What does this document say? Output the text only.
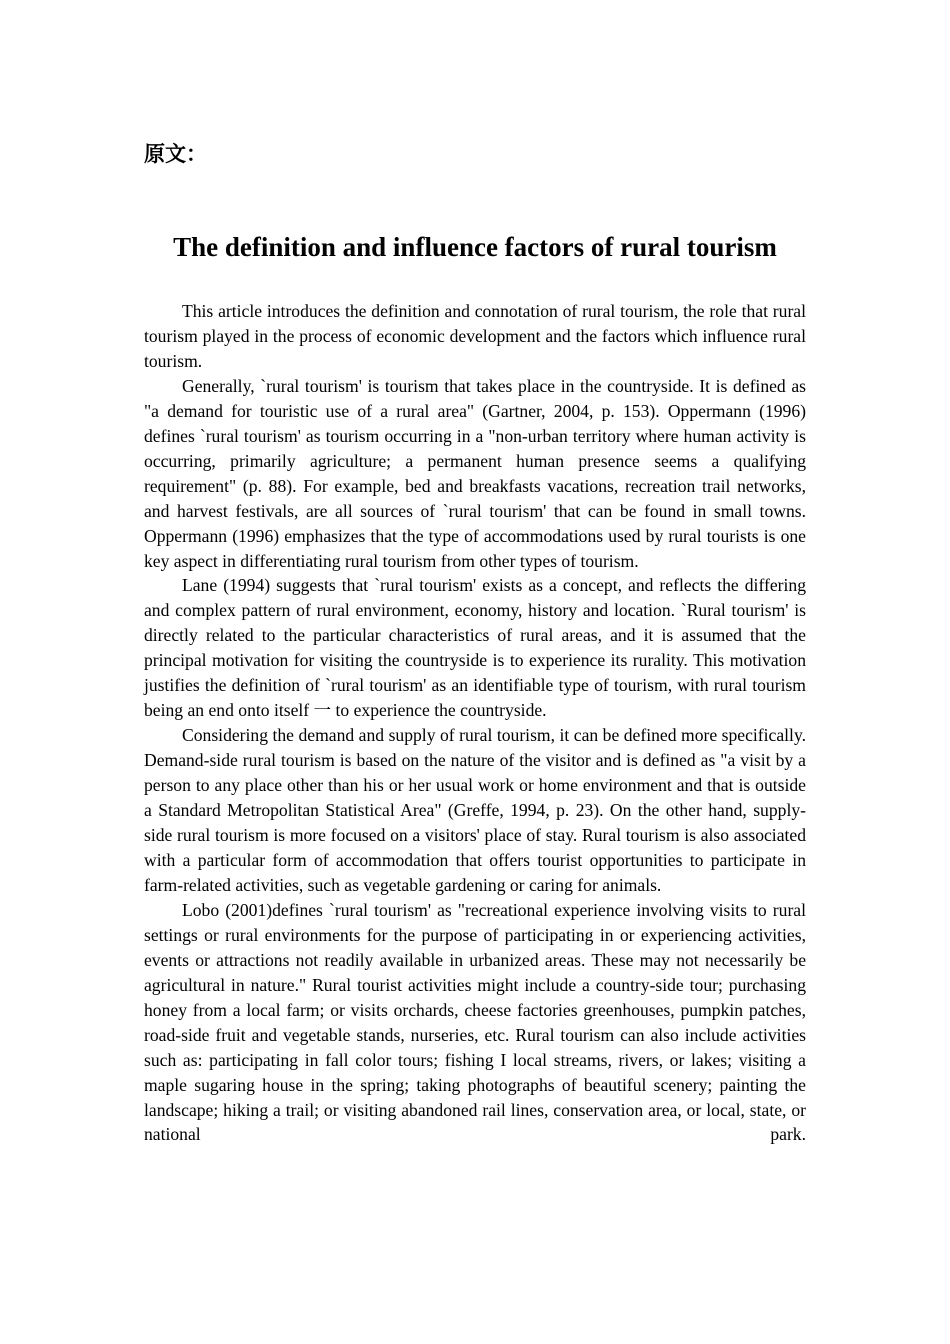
原文：
The definition and influence factors of rural tourism

This article introduces the definition and connotation of rural tourism, the role that rural tourism played in the process of economic development and the factors which influence rural tourism.

Generally, `rural tourism' is tourism that takes place in the countryside. It is defined as "a demand for touristic use of a rural area" (Gartner, 2004, p. 153). Oppermann (1996) defines `rural tourism' as tourism occurring in a "non-urban territory where human activity is occurring, primarily agriculture; a permanent human presence seems a qualifying requirement" (p. 88). For example, bed and breakfasts vacations, recreation trail networks, and harvest festivals, are all sources of `rural tourism' that can be found in small towns. Oppermann (1996) emphasizes that the type of accommodations used by rural tourists is one key aspect in differentiating rural tourism from other types of tourism.

Lane (1994) suggests that `rural tourism' exists as a concept, and reflects the differing and complex pattern of rural environment, economy, history and location. `Rural tourism' is directly related to the particular characteristics of rural areas, and it is assumed that the principal motivation for visiting the countryside is to experience its rurality. This motivation justifies the definition of `rural tourism' as an identifiable type of tourism, with rural tourism being an end onto itself 一 to experience the countryside.

Considering the demand and supply of rural tourism, it can be defined more specifically. Demand-side rural tourism is based on the nature of the visitor and is defined as "a visit by a person to any place other than his or her usual work or home environment and that is outside a Standard Metropolitan Statistical Area" (Greffe, 1994, p. 23). On the other hand, supply-side rural tourism is more focused on a visitors' place of stay. Rural tourism is also associated with a particular form of accommodation that offers tourist opportunities to participate in farm-related activities, such as vegetable gardening or caring for animals.

Lobo (2001)defines `rural tourism' as "recreational experience involving visits to rural settings or rural environments for the purpose of participating in or experiencing activities, events or attractions not readily available in urbanized areas. These may not necessarily be agricultural in nature." Rural tourist activities might include a country-side tour; purchasing honey from a local farm; or visits orchards, cheese factories greenhouses, pumpkin patches, road-side fruit and vegetable stands, nurseries, etc. Rural tourism can also include activities such as: participating in fall color tours; fishing I local streams, rivers, or lakes; visiting a maple sugaring house in the spring; taking photographs of beautiful scenery; painting the landscape; hiking a trail; or visiting abandoned rail lines, conservation area, or local, state, or national park.
